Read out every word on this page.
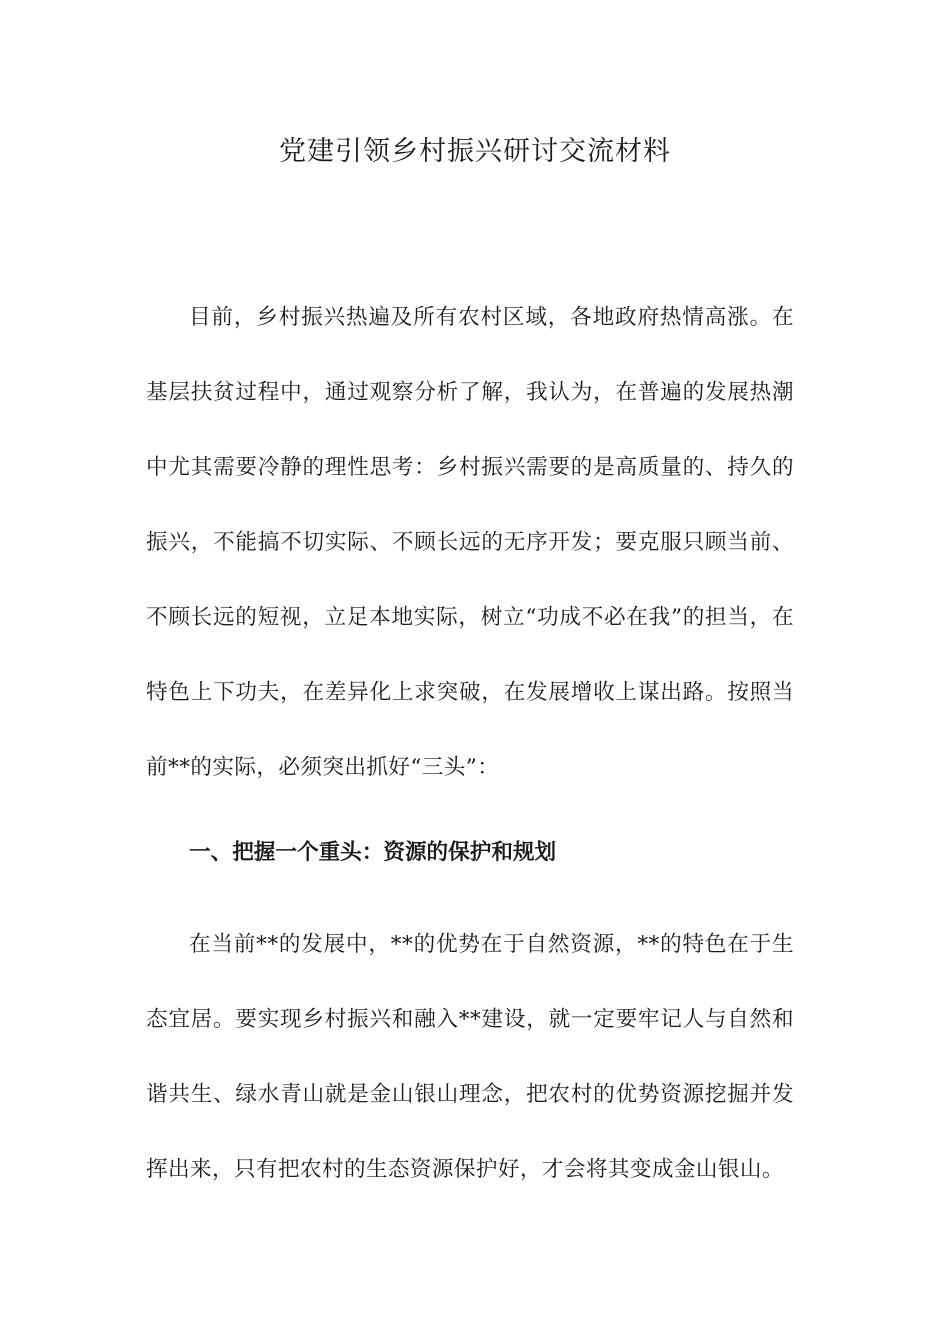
党建引领乡村振兴研讨交流材料

目前，乡村振兴热遍及所有农村区域，各地政府热情高涨。在基层扶贫过程中，通过观察分析了解，我认为，在普遍的发展热潮中尤其需要冷静的理性思考：乡村振兴需要的是高质量的、持久的振兴，不能搞不切实际、不顾长远的无序开发；要克服只顾当前、不顾长远的短视，立足本地实际，树立“功成不必在我”的担当，在特色上下功夫，在差异化上求突破，在发展增收上谋出路。按照当前**的实际，必须突出抓好“三头”：

一、把握一个重头：资源的保护和规划

在当前**的发展中，**的优势在于自然资源，**的特色在于生态宜居。要实现乡村振兴和融入**建设，就一定要牢记人与自然和谐共生、绿水青山就是金山银山理念，把农村的优势资源挖掘并发挥出来，只有把农村的生态资源保护好，才会将其变成金山银山。
